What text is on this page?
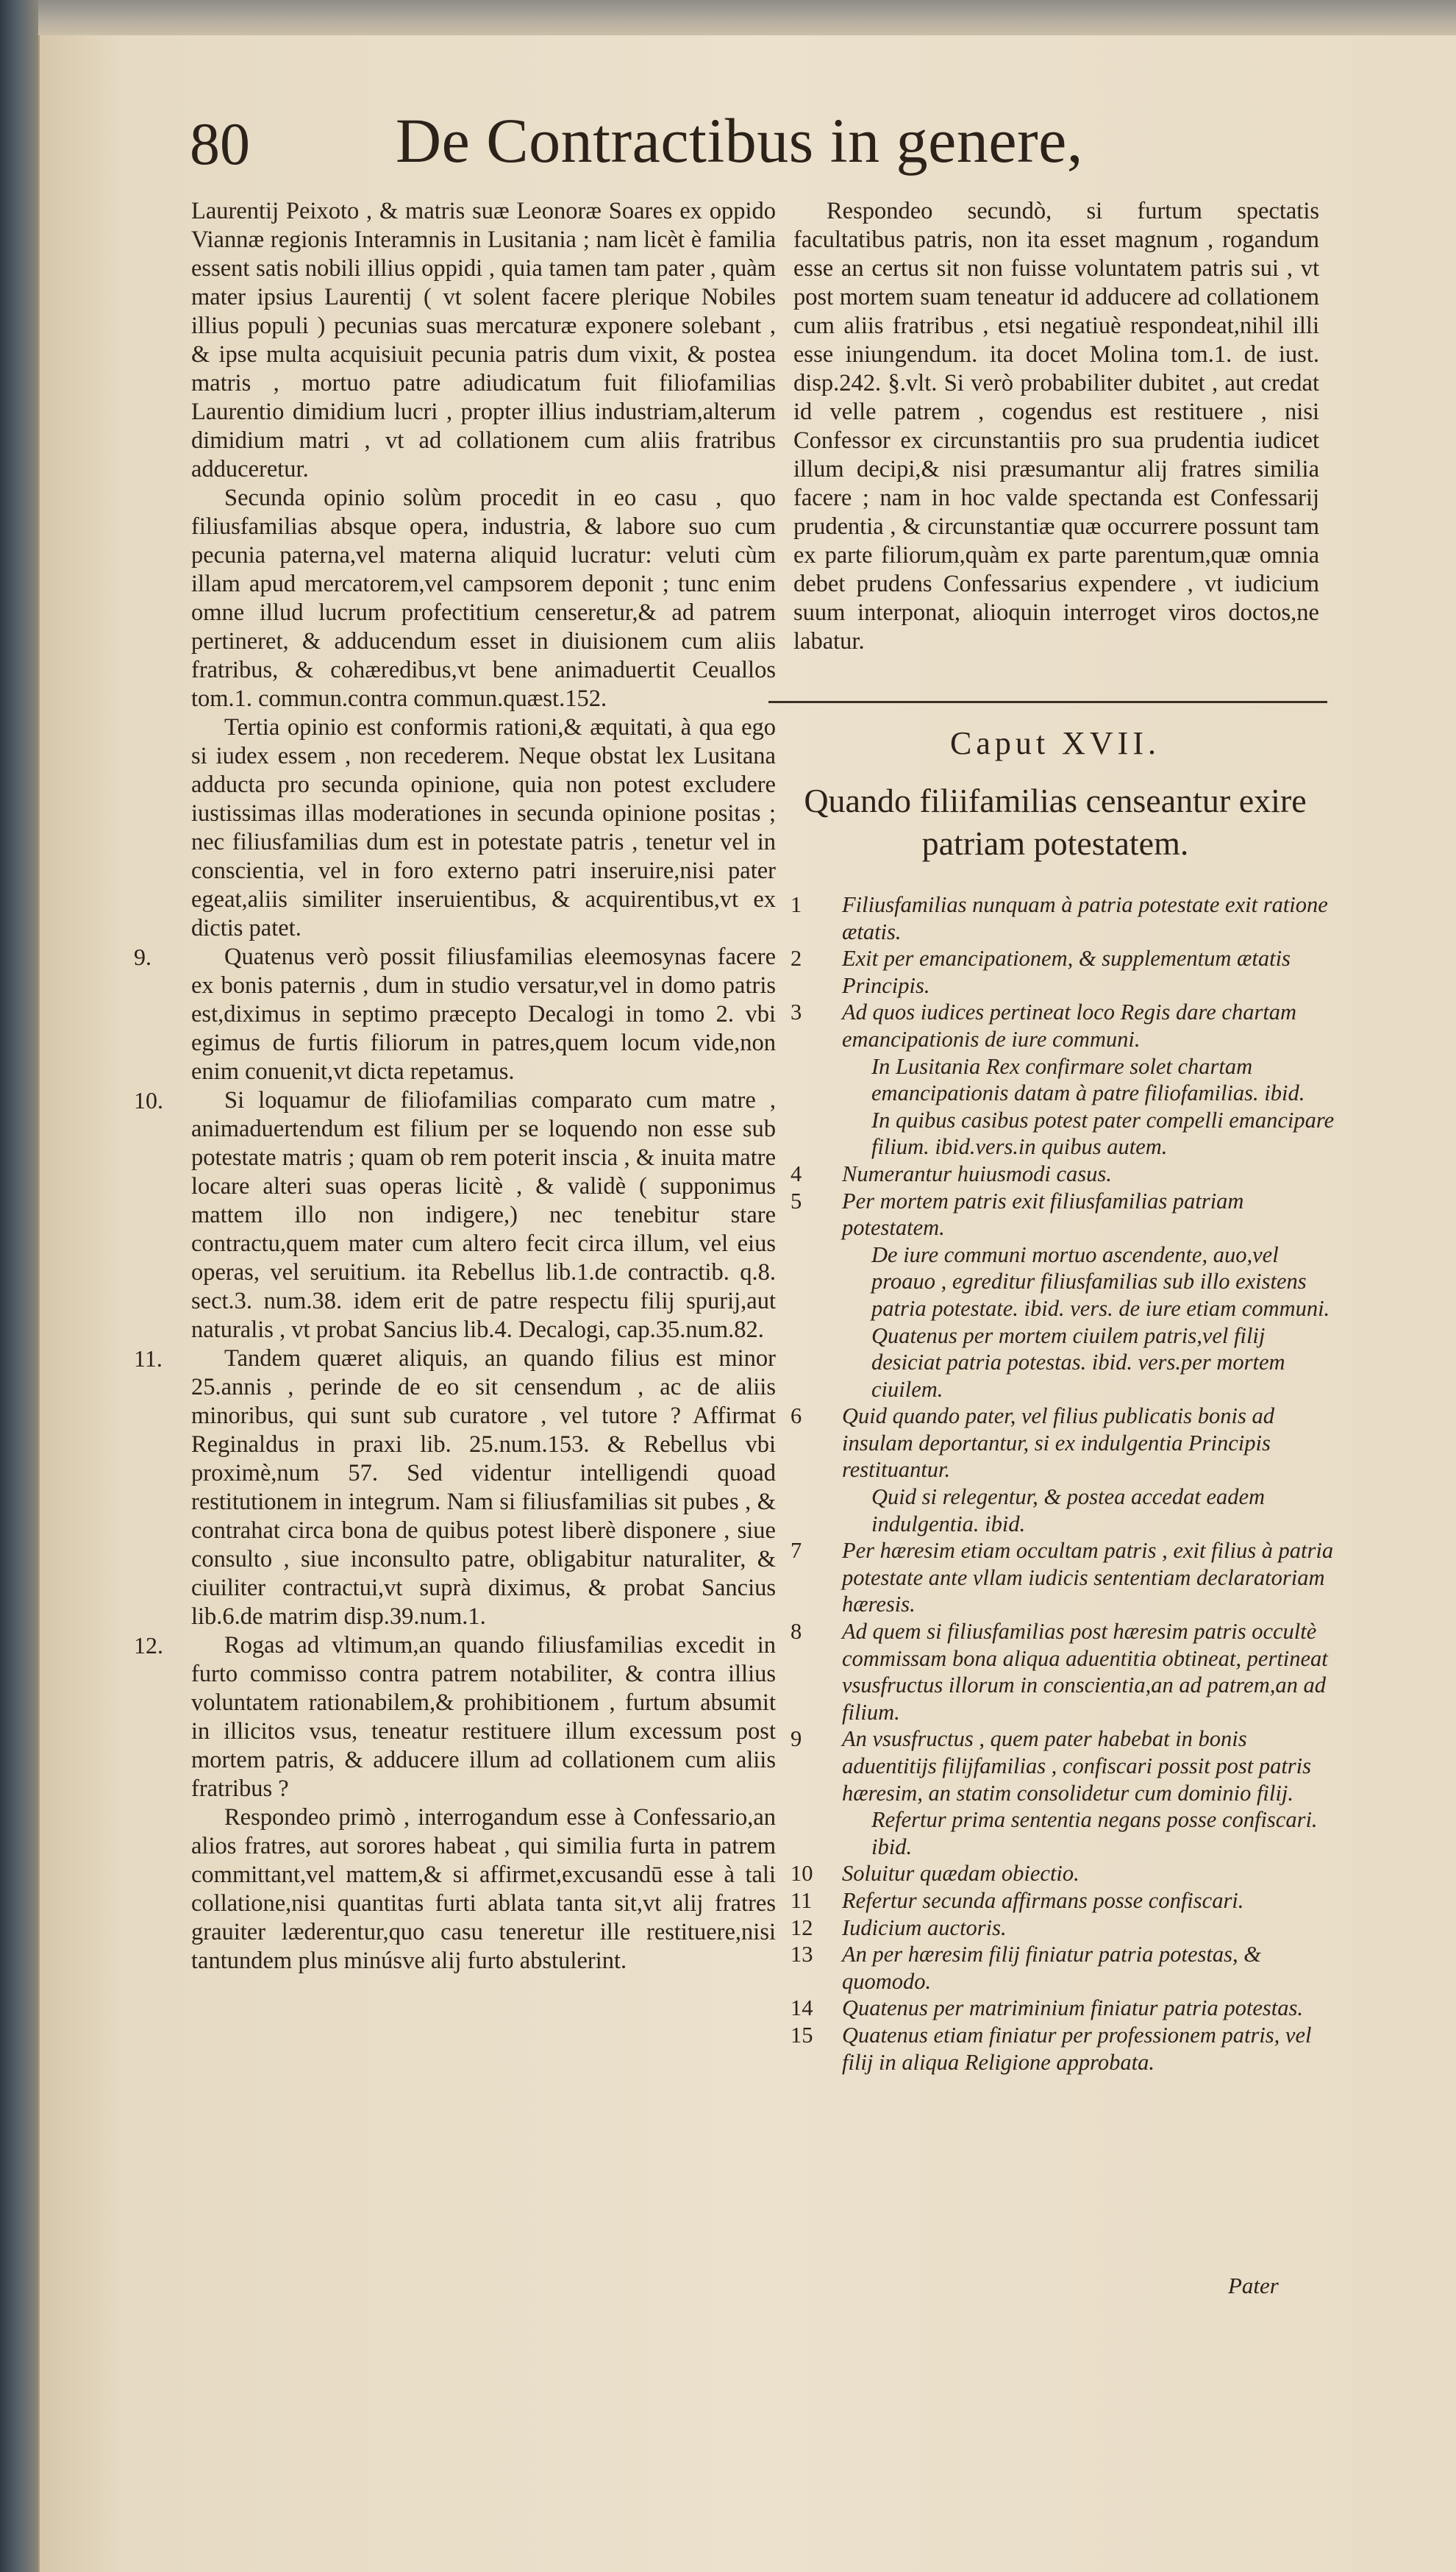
80 De Contractibus in genere,
Laurentij Peixoto , & matris suæ Leonoræ Soares ex oppido Viannæ regionis Interamnis in Lusitania ; nam licèt è familia essent satis nobili illius oppidi , quia tamen tam pater , quàm mater ipsius Laurentij ( vt solent facere plerique Nobiles illius populi ) pecunias suas mercaturæ exponere solebant , & ipse multa acquisiuit pecunia patris dum vixit, & postea matris , mortuo patre adiudicatum fuit filiofamilias Laurentio dimidium lucri , propter illius industriam,alterum dimidium matri , vt ad collationem cum aliis fratribus adduceretur.
Secunda opinio solùm procedit in eo casu , quo filiusfamilias absque opera, industria, & labore suo cum pecunia paterna,vel materna aliquid lucratur: veluti cùm illam apud mercatorem,vel campsorem deponit ; tunc enim omne illud lucrum profectitium censeretur,& ad patrem pertineret, & adducendum esset in diuisionem cum aliis fratribus, & cohæredibus,vt bene animaduertit Ceuallos tom.1. commun.contra commun.quæst.152.
Tertia opinio est conformis rationi,& æquitati, à qua ego si iudex essem , non recederem. Neque obstat lex Lusitana adducta pro secunda opinione, quia non potest excludere iustissimas illas moderationes in secunda opinione positas ; nec filiusfamilias dum est in potestate patris , tenetur vel in conscientia, vel in foro externo patri inseruire,nisi pater egeat,aliis similiter inseruientibus, & acquirentibus,vt ex dictis patet.
9.	Quatenus verò possit filiusfamilias eleemosynas facere ex bonis paternis , dum in studio versatur,vel in domo patris est,diximus in septimo præcepto Decalogi in tomo 2. vbi egimus de furtis filiorum in patres,quem locum vide,non enim conuenit,vt dicta repetamus.
10.	Si loquamur de filiofamilias comparato cum matre , animaduertendum est filium per se loquendo non esse sub potestate matris ; quam ob rem poterit inscia , & inuita matre locare alteri suas operas licitè , & validè ( supponimus mattem illo non indigere,) nec tenebitur stare contractu,quem mater cum altero fecit circa illum, vel eius operas, vel seruitium. ita Rebellus lib.1.de contractib. q.8. sect.3. num.38. idem erit de patre respectu filij spurij,aut naturalis , vt probat Sancius lib.4. Decalogi, cap.35.num.82.
11.	Tandem quæret aliquis, an quando filius est minor 25.annis , perinde de eo sit censendum , ac de aliis minoribus, qui sunt sub curatore , vel tutore ? Affirmat Reginaldus in praxi lib. 25.num.153. & Rebellus vbi proximè,num 57. Sed videntur intelligendi quoad restitutionem in integrum. Nam si filiusfamilias sit pubes , & contrahat circa bona de quibus potest liberè disponere , siue consulto , siue inconsulto patre, obligabitur naturaliter, & ciuiliter contractui,vt suprà diximus, & probat Sancius lib.6.de matrim disp.39.num.1.
12.	Rogas ad vltimum,an quando filiusfamilias excedit in furto commisso contra patrem notabiliter, & contra illius voluntatem rationabilem,& prohibitionem , furtum absumit in illicitos vsus, teneatur restituere illum excessum post mortem patris, & adducere illum ad collationem cum aliis fratribus ?
Respondeo primò , interrogandum esse à Confessario,an alios fratres, aut sorores habeat , qui similia furta in patrem committant,vel mattem,& si affirmet,excusandū esse à tali collatione,nisi quantitas furti ablata tanta sit,vt alij fratres grauiter læderentur,quo casu teneretur ille restituere,nisi tantundem plus minúsve alij furto abstulerint.
Respondeo secundò, si furtum spectatis facultatibus patris, non ita esset magnum , rogandum esse an certus sit non fuisse voluntatem patris sui , vt post mortem suam teneatur id adducere ad collationem cum aliis fratribus , etsi negatiuè respondeat,nihil illi esse iniungendum. ita docet Molina tom.1. de iust. disp.242. §.vlt. Si verò probabiliter dubitet , aut credat id velle patrem , cogendus est restituere , nisi Confessor ex circunstantiis pro sua prudentia iudicet illum decipi,& nisi præsumantur alij fratres similia facere ; nam in hoc valde spectanda est Confessarij prudentia , & circunstantiæ quæ occurrere possunt tam ex parte filiorum,quàm ex parte parentum,quæ omnia debet prudens Confessarius expendere , vt iudicium suum interponat, alioquin interroget viros doctos,ne labatur.
Caput XVII.
Quando filiifamilias censeantur exire patriam potestatem.
1	Filiusfamilias nunquam à patria potestate exit ratione ætatis.
2	Exit per emancipationem, & supplementum ætatis Principis.
3	Ad quos iudices pertineat loco Regis dare chartam emancipationis de iure communi.
In Lusitania Rex confirmare solet chartam emancipationis datam à patre filiofamilias. ibid.
In quibus casibus potest pater compelli emancipare filium. ibid.vers.in quibus autem.
4	Numerantur huiusmodi casus.
5	Per mortem patris exit filiusfamilias patriam potestatem.
De iure communi mortuo ascendente, auo,vel proauo , egreditur filiusfamilias sub illo existens patria potestate. ibid. vers. de iure etiam communi.
Quatenus per mortem ciuilem patris,vel filij desiciat patria potestas. ibid. vers.per mortem ciuilem.
6	Quid quando pater, vel filius publicatis bonis ad insulam deportantur, si ex indulgentia Principis restituantur.
Quid si relegentur, & postea accedat eadem indulgentia. ibid.
7	Per hæresim etiam occultam patris , exit filius à patria potestate ante vllam iudicis sententiam declaratoriam hæresis.
8	Ad quem si filiusfamilias post hæresim patris occultè commissam bona aliqua aduentitia obtineat, pertineat vsusfructus illorum in conscientia,an ad patrem,an ad filium.
9	An vsusfructus , quem pater habebat in bonis aduentitijs filijfamilias , confiscari possit post patris hæresim, an statim consolidetur cum dominio filij.
Refertur prima sententia negans posse confiscari. ibid.
10	Soluitur quædam obiectio.
11	Refertur secunda affirmans posse confiscari.
12	Iudicium auctoris.
13	An per hæresim filij finiatur patria potestas, & quomodo.
14	Quatenus per matriminium finiatur patria potestas.
15	Quatenus etiam finiatur per professionem patris, vel filij in aliqua Religione approbata.
Pater
